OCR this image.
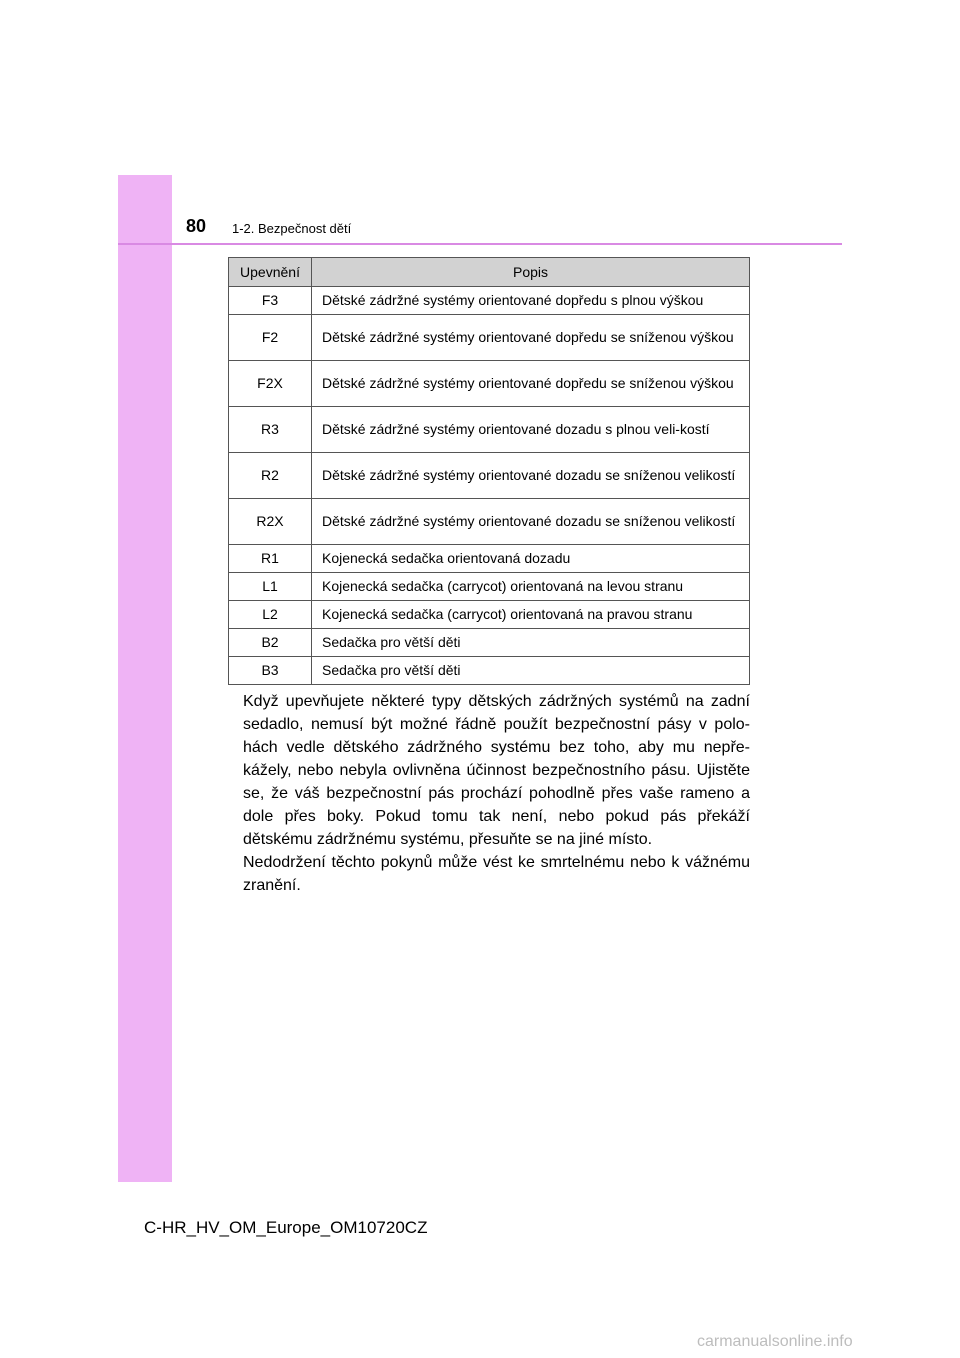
80 1-2. Bezpečnost dětí
Upevnění	Popis
F3	Dětské zádržné systémy orientované dopředu s plnou výškou
F2	Dětské zádržné systémy orientované dopředu se sníženou výškou
F2X	Dětské zádržné systémy orientované dopředu se sníženou výškou
R3	Dětské zádržné systémy orientované dozadu s plnou veli-kostí
R2	Dětské zádržné systémy orientované dozadu se sníženou velikostí
R2X	Dětské zádržné systémy orientované dozadu se sníženou velikostí
R1	Kojenecká sedačka orientovaná dozadu
L1	Kojenecká sedačka (carrycot) orientovaná na levou stranu
L2	Kojenecká sedačka (carrycot) orientovaná na pravou stranu
B2	Sedačka pro větší děti
B3	Sedačka pro větší děti
Když upevňujete některé typy dětských zádržných systémů na zadní sedadlo, nemusí být možné řádně použít bezpečnostní pásy v polo-hách vedle dětského zádržného systému bez toho, aby mu nepře-kážely, nebo nebyla ovlivněna účinnost bezpečnostního pásu. Ujistěte se, že váš bezpečnostní pás prochází pohodlně přes vaše rameno a dole přes boky. Pokud tomu tak není, nebo pokud pás překáží dětskému zádržnému systému, přesuňte se na jiné místo.
Nedodržení těchto pokynů může vést ke smrtelnému nebo k vážnému zranění.
C-HR_HV_OM_Europe_OM10720CZ
carmanualsonline.info
